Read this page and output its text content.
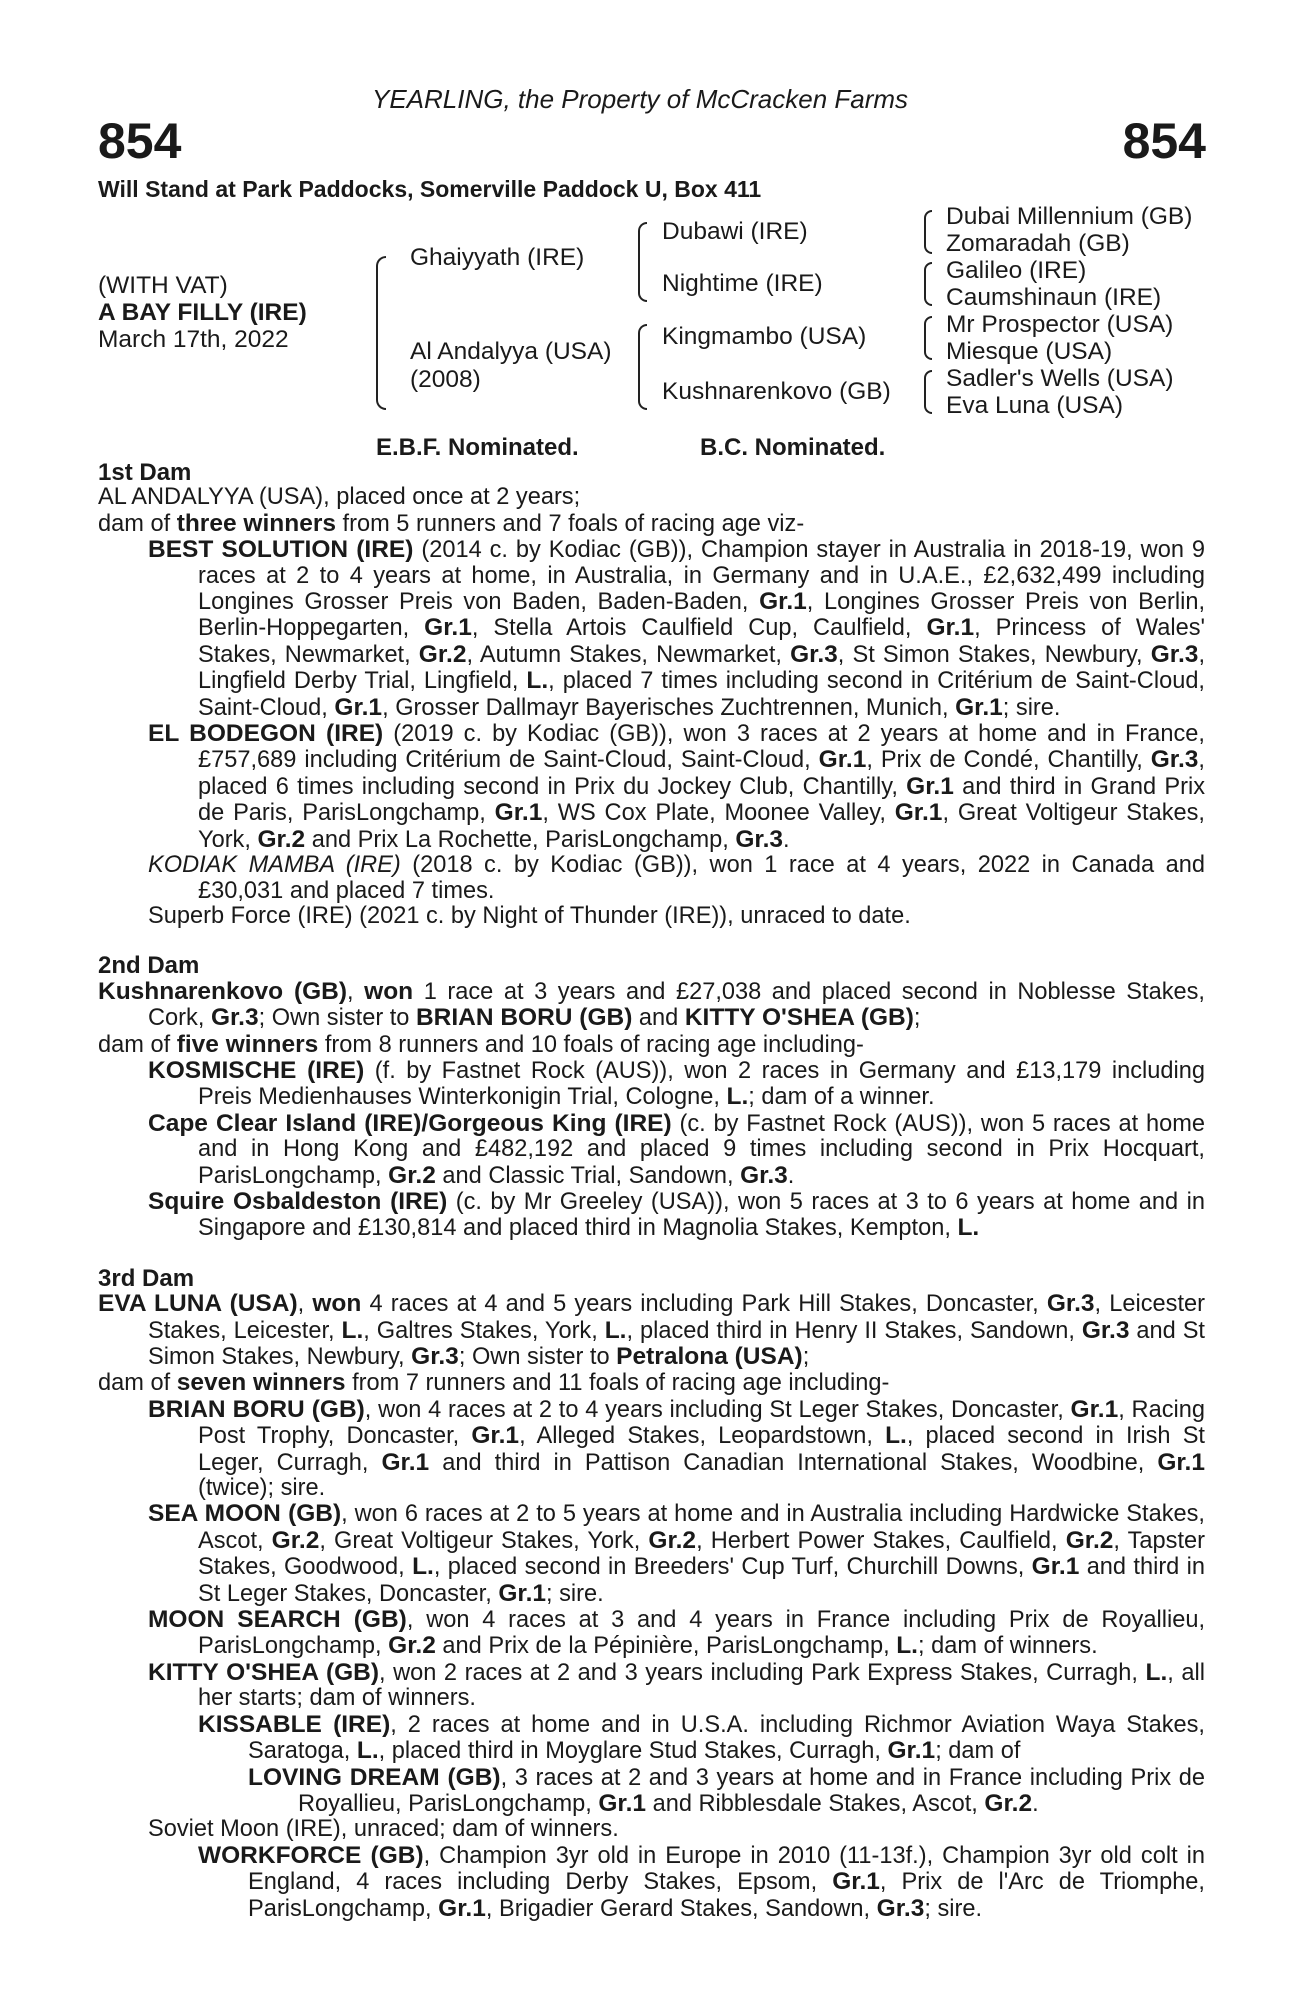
YEARLING, the Property of McCracken Farms
854	854
Will Stand at Park Paddocks, Somerville Paddock U, Box 411
(WITH VAT)
A BAY FILLY (IRE)
March 17th, 2022
Ghaiyyath (IRE)
Al Andalyya (USA)
(2008)
Dubawi (IRE)
Nightime (IRE)
Kingmambo (USA)
Kushnarenkovo (GB)
Dubai Millennium (GB)
Zomaradah (GB)
Galileo (IRE)
Caumshinaun (IRE)
Mr Prospector (USA)
Miesque (USA)
Sadler's Wells (USA)
Eva Luna (USA)
E.B.F. Nominated.	B.C. Nominated.
1st Dam

AL ANDALYYA (USA), placed once at 2 years;

dam of three winners from 5 runners and 7 foals of racing age viz-

BEST SOLUTION (IRE) (2014 c. by Kodiac (GB)), Champion stayer in Australia in 2018-19, won 9 races at 2 to 4 years at home, in Australia, in Germany and in U.A.E., £2,632,499 including Longines Grosser Preis von Baden, Baden-Baden, Gr.1, Longines Grosser Preis von Berlin, Berlin-Hoppegarten, Gr.1, Stella Artois Caulfield Cup, Caulfield, Gr.1, Princess of Wales' Stakes, Newmarket, Gr.2, Autumn Stakes, Newmarket, Gr.3, St Simon Stakes, Newbury, Gr.3, Lingfield Derby Trial, Lingfield, L., placed 7 times including second in Critérium de Saint-Cloud, Saint-Cloud, Gr.1, Grosser Dallmayr Bayerisches Zuchtrennen, Munich, Gr.1; sire.

EL BODEGON (IRE) (2019 c. by Kodiac (GB)), won 3 races at 2 years at home and in France, £757,689 including Critérium de Saint-Cloud, Saint-Cloud, Gr.1, Prix de Condé, Chantilly, Gr.3, placed 6 times including second in Prix du Jockey Club, Chantilly, Gr.1 and third in Grand Prix de Paris, ParisLongchamp, Gr.1, WS Cox Plate, Moonee Valley, Gr.1, Great Voltigeur Stakes, York, Gr.2 and Prix La Rochette, ParisLongchamp, Gr.3.

KODIAK MAMBA (IRE) (2018 c. by Kodiac (GB)), won 1 race at 4 years, 2022 in Canada and £30,031 and placed 7 times.

Superb Force (IRE) (2021 c. by Night of Thunder (IRE)), unraced to date.

2nd Dam

Kushnarenkovo (GB), won 1 race at 3 years and £27,038 and placed second in Noblesse Stakes, Cork, Gr.3; Own sister to BRIAN BORU (GB) and KITTY O'SHEA (GB);

dam of five winners from 8 runners and 10 foals of racing age including-

KOSMISCHE (IRE) (f. by Fastnet Rock (AUS)), won 2 races in Germany and £13,179 including Preis Medienhauses Winterkonigin Trial, Cologne, L.; dam of a winner.

Cape Clear Island (IRE)/Gorgeous King (IRE) (c. by Fastnet Rock (AUS)), won 5 races at home and in Hong Kong and £482,192 and placed 9 times including second in Prix Hocquart, ParisLongchamp, Gr.2 and Classic Trial, Sandown, Gr.3.

Squire Osbaldeston (IRE) (c. by Mr Greeley (USA)), won 5 races at 3 to 6 years at home and in Singapore and £130,814 and placed third in Magnolia Stakes, Kempton, L.

3rd Dam

EVA LUNA (USA), won 4 races at 4 and 5 years including Park Hill Stakes, Doncaster, Gr.3, Leicester Stakes, Leicester, L., Galtres Stakes, York, L., placed third in Henry II Stakes, Sandown, Gr.3 and St Simon Stakes, Newbury, Gr.3; Own sister to Petralona (USA);

dam of seven winners from 7 runners and 11 foals of racing age including-

BRIAN BORU (GB), won 4 races at 2 to 4 years including St Leger Stakes, Doncaster, Gr.1, Racing Post Trophy, Doncaster, Gr.1, Alleged Stakes, Leopardstown, L., placed second in Irish St Leger, Curragh, Gr.1 and third in Pattison Canadian International Stakes, Woodbine, Gr.1 (twice); sire.

SEA MOON (GB), won 6 races at 2 to 5 years at home and in Australia including Hardwicke Stakes, Ascot, Gr.2, Great Voltigeur Stakes, York, Gr.2, Herbert Power Stakes, Caulfield, Gr.2, Tapster Stakes, Goodwood, L., placed second in Breeders' Cup Turf, Churchill Downs, Gr.1 and third in St Leger Stakes, Doncaster, Gr.1; sire.

MOON SEARCH (GB), won 4 races at 3 and 4 years in France including Prix de Royallieu, ParisLongchamp, Gr.2 and Prix de la Pépinière, ParisLongchamp, L.; dam of winners.

KITTY O'SHEA (GB), won 2 races at 2 and 3 years including Park Express Stakes, Curragh, L., all her starts; dam of winners.

KISSABLE (IRE), 2 races at home and in U.S.A. including Richmor Aviation Waya Stakes, Saratoga, L., placed third in Moyglare Stud Stakes, Curragh, Gr.1; dam of

LOVING DREAM (GB), 3 races at 2 and 3 years at home and in France including Prix de Royallieu, ParisLongchamp, Gr.1 and Ribblesdale Stakes, Ascot, Gr.2.

Soviet Moon (IRE), unraced; dam of winners.

WORKFORCE (GB), Champion 3yr old in Europe in 2010 (11-13f.), Champion 3yr old colt in England, 4 races including Derby Stakes, Epsom, Gr.1, Prix de l'Arc de Triomphe, ParisLongchamp, Gr.1, Brigadier Gerard Stakes, Sandown, Gr.3; sire.
